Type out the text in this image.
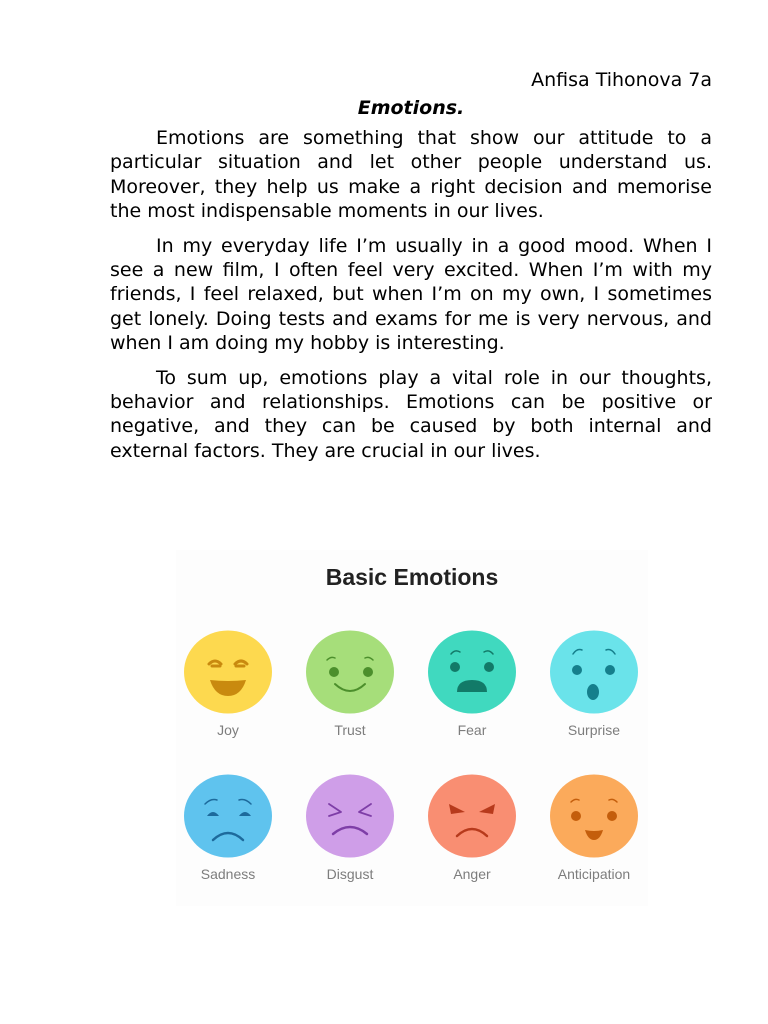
Anfisa Tihonova 7a

Emotions.

Emotions are something that show our attitude to a particular situation and let other people understand us. Moreover, they help us make a right decision and memorise the most indispensable moments in our lives.

In my everyday life I’m usually in a good mood. When I see a new film, I often feel very excited. When I’m with my friends, I feel relaxed, but when I’m on my own, I sometimes get lonely. Doing tests and exams for me is very nervous, and when I am doing my hobby is interesting.

To sum up, emotions play a vital role in our thoughts, behavior and relationships. Emotions can be positive or negative, and they can be caused by both internal and external factors. They are crucial in our lives.

Basic Emotions

Joy	Trust	Fear	Surprise
Sadness	Disgust	Anger	Anticipation
